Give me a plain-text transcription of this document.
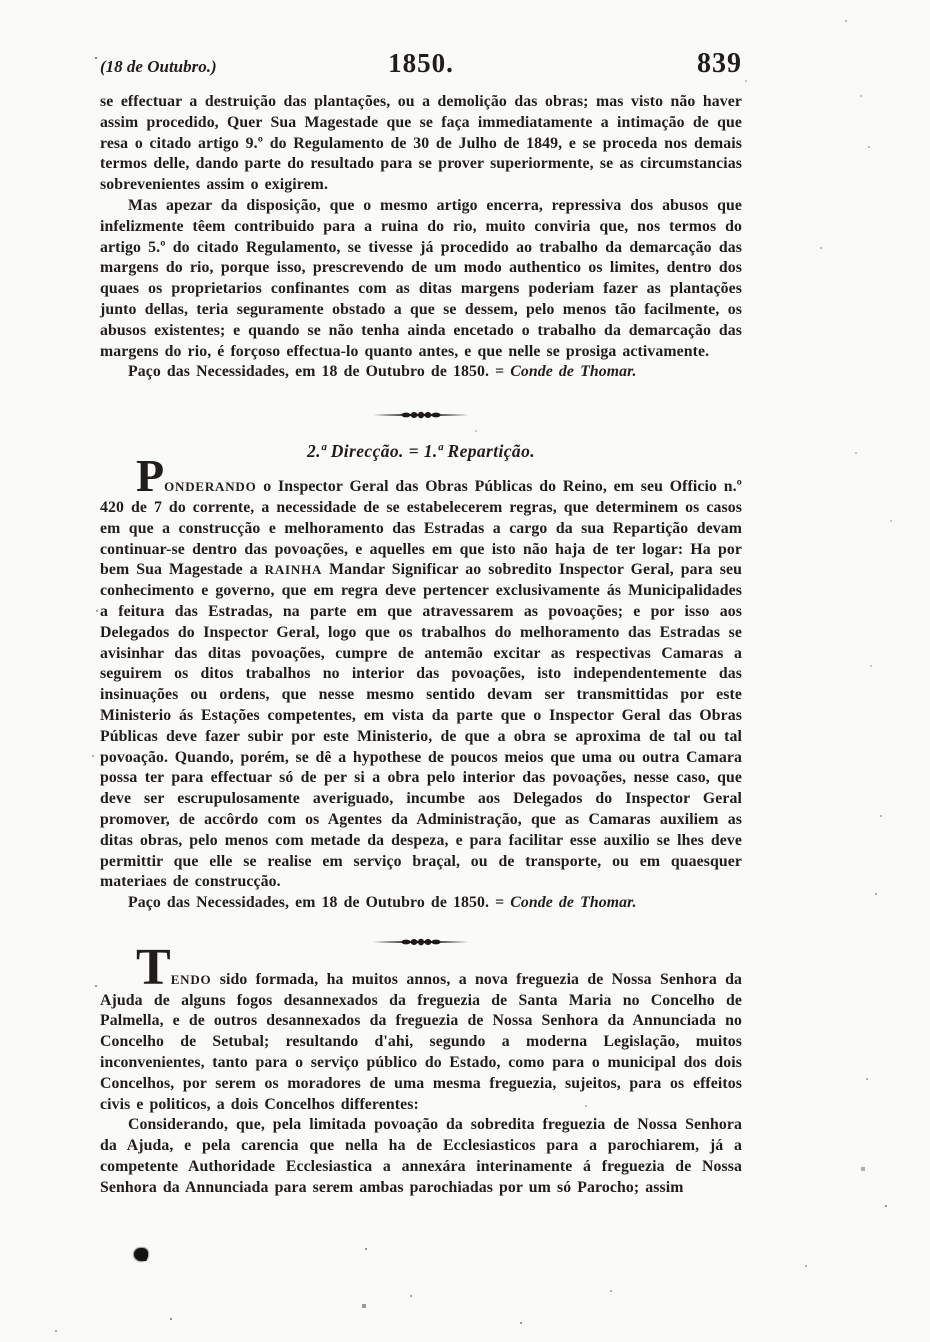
(18 de Outubro.)	1850.	839

se effectuar a destruição das plantações, ou a demolição das obras; mas visto não haver assim procedido, Quer Sua Magestade que se faça immediatamente a intimação de que resa o citado artigo 9.º do Regulamento de 30 de Julho de 1849, e se proceda nos demais termos delle, dando parte do resultado para se prover superiormente, se as circumstancias sobrevenientes assim o exigirem.

Mas apezar da disposição, que o mesmo artigo encerra, repressiva dos abusos que infelizmente têem contribuido para a ruina do rio, muito conviria que, nos termos do artigo 5.º do citado Regulamento, se tivesse já procedido ao trabalho da demarcação das margens do rio, porque isso, prescrevendo de um modo authentico os limites, dentro dos quaes os proprietarios confinantes com as ditas margens poderiam fazer as plantações junto dellas, teria seguramente obstado a que se dessem, pelo menos tão facilmente, os abusos existentes; e quando se não tenha ainda encetado o trabalho da demarcação das margens do rio, é forçoso effectua-lo quanto antes, e que nelle se prosiga activamente.

Paço das Necessidades, em 18 de Outubro de 1850. = Conde de Thomar.

2.ª Direcção. = 1.ª Repartição.

PONDERANDO o Inspector Geral das Obras Públicas do Reino, em seu Officio n.º 420 de 7 do corrente, a necessidade de se estabelecerem regras, que determinem os casos em que a construcção e melhoramento das Estradas a cargo da sua Repartição devam continuar-se dentro das povoações, e aquelles em que isto não haja de ter logar: Ha por bem Sua Magestade a RAINHA Mandar Significar ao sobredito Inspector Geral, para seu conhecimento e governo, que em regra deve pertencer exclusivamente ás Municipalidades a feitura das Estradas, na parte em que atravessarem as povoações; e por isso aos Delegados do Inspector Geral, logo que os trabalhos do melhoramento das Estradas se avisinhar das ditas povoações, cumpre de antemão excitar as respectivas Camaras a seguirem os ditos trabalhos no interior das povoações, isto independentemente das insinuações ou ordens, que nesse mesmo sentido devam ser transmittidas por este Ministerio ás Estações competentes, em vista da parte que o Inspector Geral das Obras Públicas deve fazer subir por este Ministerio, de que a obra se aproxima de tal ou tal povoação. Quando, porém, se dê a hypothese de poucos meios que uma ou outra Camara possa ter para effectuar só de per si a obra pelo interior das povoações, nesse caso, que deve ser escrupulosamente averiguado, incumbe aos Delegados do Inspector Geral promover, de accôrdo com os Agentes da Administração, que as Camaras auxiliem as ditas obras, pelo menos com metade da despeza, e para facilitar esse auxilio se lhes deve permittir que elle se realise em serviço braçal, ou de transporte, ou em quaesquer materiaes de construcção.

Paço das Necessidades, em 18 de Outubro de 1850. = Conde de Thomar.

TENDO sido formada, ha muitos annos, a nova freguezia de Nossa Senhora da Ajuda de alguns fogos desannexados da freguezia de Santa Maria no Concelho de Palmella, e de outros desannexados da freguezia de Nossa Senhora da Annunciada no Concelho de Setubal; resultando d'ahi, segundo a moderna Legislação, muitos inconvenientes, tanto para o serviço público do Estado, como para o municipal dos dois Concelhos, por serem os moradores de uma mesma freguezia, sujeitos, para os effeitos civis e politicos, a dois Concelhos differentes:

Considerando, que, pela limitada povoação da sobredita freguezia de Nossa Senhora da Ajuda, e pela carencia que nella ha de Ecclesiasticos para a parochiarem, já a competente Authoridade Ecclesiastica a annexára interinamente á freguezia de Nossa Senhora da Annunciada para serem ambas parochiadas por um só Parocho; assim
